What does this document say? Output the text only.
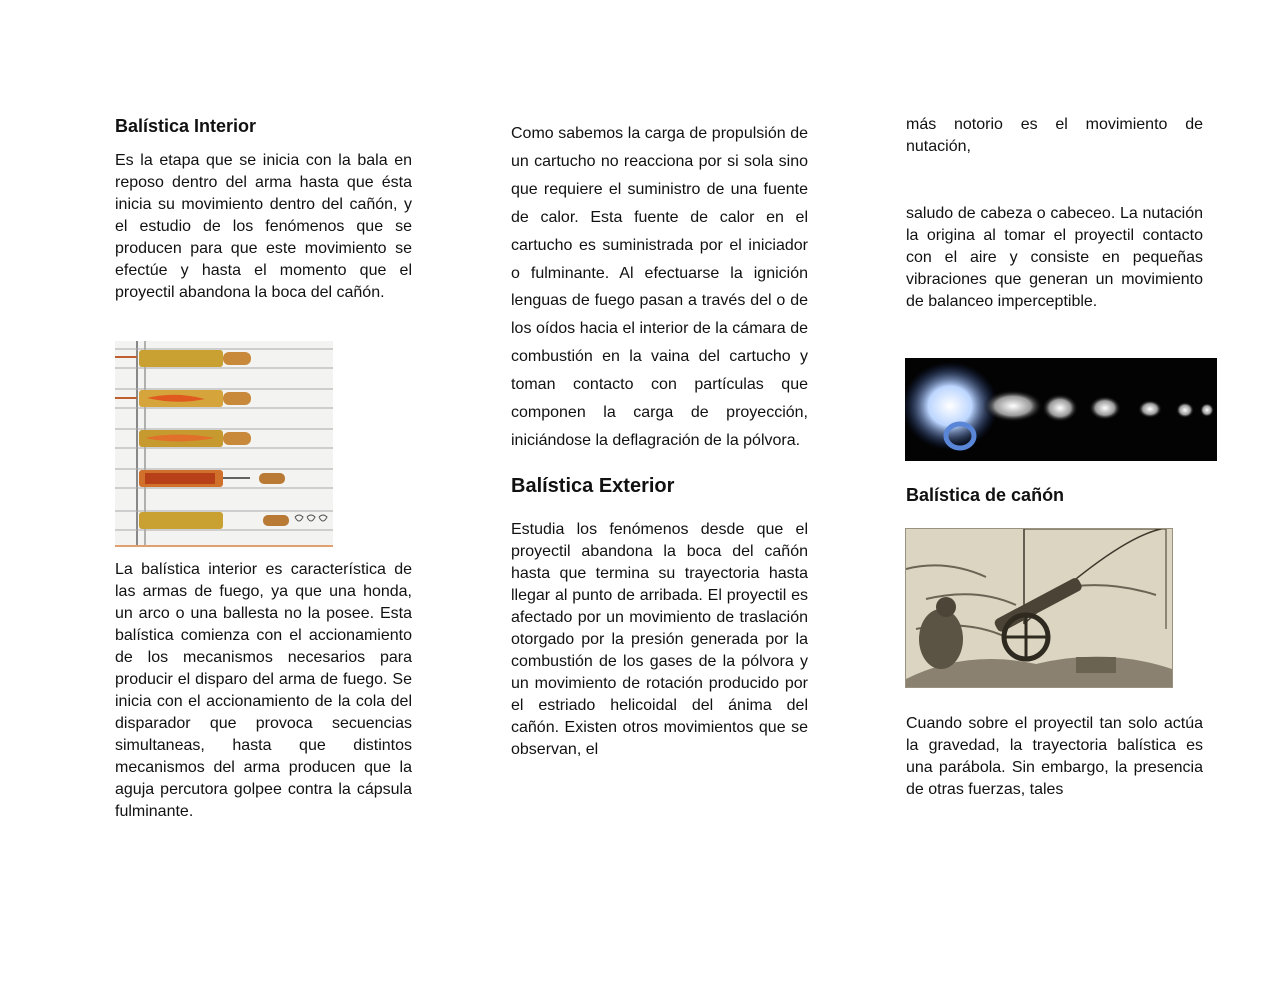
Balística Interior

Es la etapa que se inicia con la bala en reposo dentro del arma hasta que ésta inicia su movimiento dentro del cañón, y el estudio de los fenómenos que se producen para que este movimiento se efectúe y hasta el momento que el proyectil abandona la boca del cañón.

La balística interior es característica de las armas de fuego, ya que una honda, un arco o una ballesta no la posee. Esta balística comienza con el accionamiento de los mecanismos necesarios para producir el disparo del arma de fuego. Se inicia con el accionamiento de la cola del disparador que provoca secuencias simultaneas, hasta que distintos mecanismos del arma producen que la aguja percutora golpee contra la cápsula fulminante.

Como sabemos la carga de propulsión de un cartucho no reacciona por si sola sino que requiere el suministro de una fuente de calor. Esta fuente de calor en el cartucho es suministrada por el iniciador o fulminante. Al efectuarse la ignición lenguas de fuego pasan a través del o de los oídos hacia el interior de la cámara de combustión en la vaina del cartucho y toman contacto con partículas que componen la carga de proyección, iniciándose la deflagración de la pólvora.

Balística Exterior

Estudia los fenómenos desde que el proyectil abandona la boca del cañón hasta que termina su trayectoria hasta llegar al punto de arribada. El proyectil es afectado por un movimiento de traslación otorgado por la presión generada por la combustión de los gases de la pólvora y un movimiento de rotación producido por el estriado helicoidal del ánima del cañón. Existen otros movimientos que se observan, el

más notorio es el movimiento de nutación,

saludo de cabeza o cabeceo. La nutación la origina al tomar el proyectil contacto con el aire y consiste en pequeñas vibraciones que generan un movimiento de balanceo imperceptible.

Balística de cañón

Cuando sobre el proyectil tan solo actúa la gravedad, la trayectoria balística es una parábola. Sin embargo, la presencia de otras fuerzas, tales
